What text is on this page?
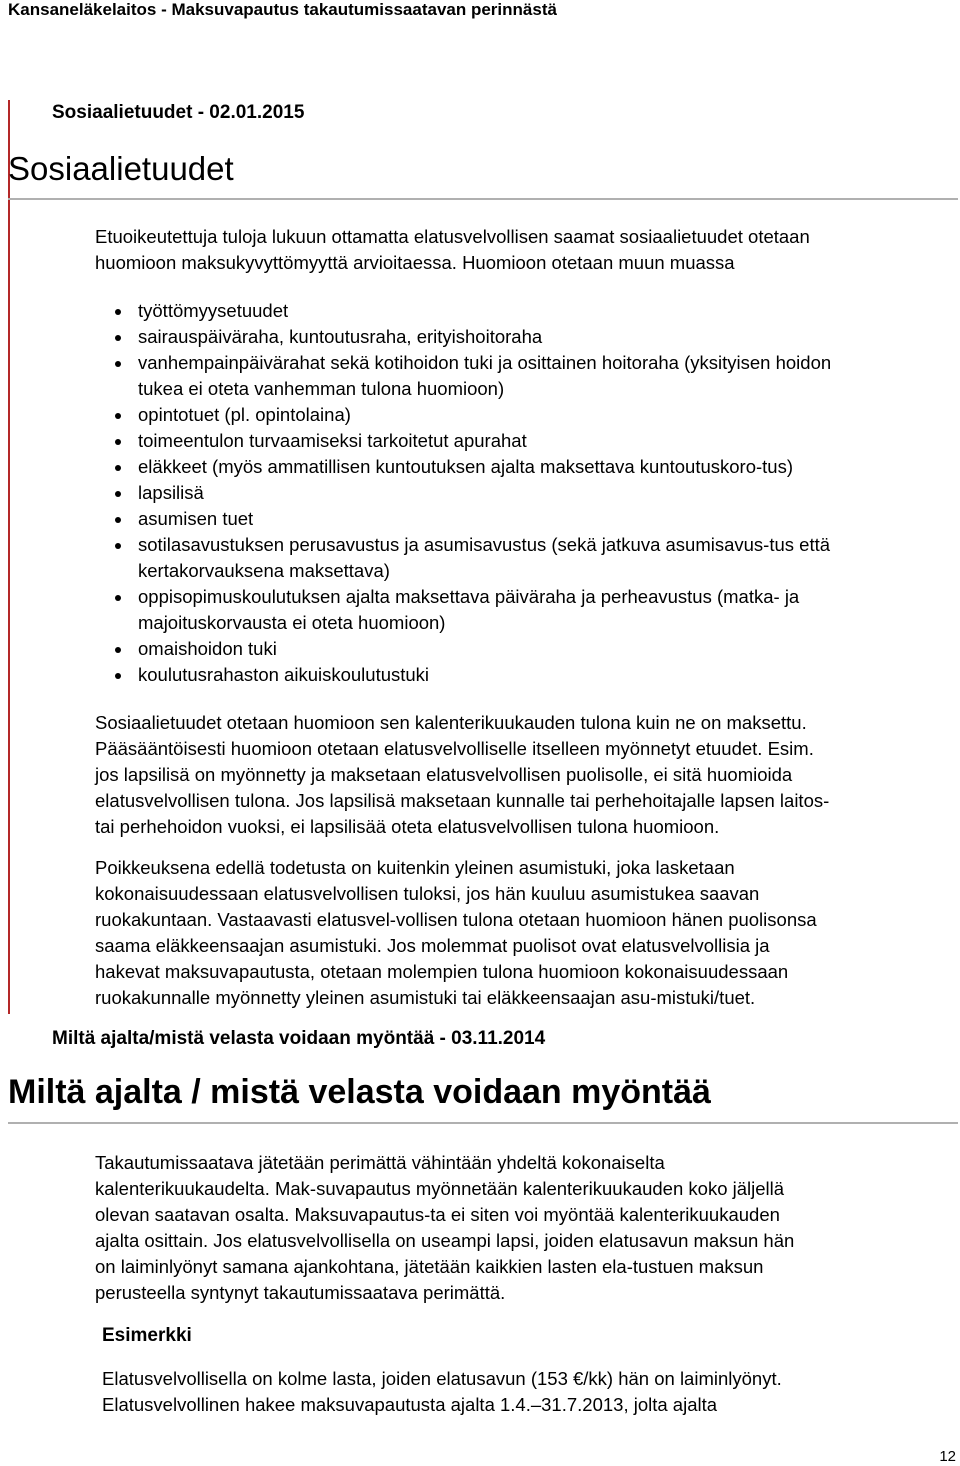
Kansaneläkelaitos - Maksuvapautus takautumissaatavan perinnästä
Sosiaalietuudet - 02.01.2015
Sosiaalietuudet
Etuoikeutettuja tuloja lukuun ottamatta elatusvelvollisen saamat sosiaalietuudet otetaan
huomioon maksukyvyttömyyttä arvioitaessa. Huomioon otetaan muun muassa
työttömyysetuudet
sairauspäiväraha, kuntoutusraha, erityishoitoraha
vanhempainpäivärahat sekä kotihoidon tuki ja osittainen hoitoraha (yksityisen hoidon
tukea ei oteta vanhemman tulona huomioon)
opintotuet (pl. opintolaina)
toimeentulon turvaamiseksi tarkoitetut apurahat
eläkkeet (myös ammatillisen kuntoutuksen ajalta maksettava kuntoutuskoro-tus)
lapsilisä
asumisen tuet
sotilasavustuksen perusavustus ja asumisavustus (sekä jatkuva asumisavus-tus että
kertakorvauksena maksettava)
oppisopimuskoulutuksen ajalta maksettava päiväraha ja perheavustus (matka- ja
majoituskorvausta ei oteta huomioon)
omaishoidon tuki
koulutusrahaston aikuiskoulutustuki
Sosiaalietuudet otetaan huomioon sen kalenterikuukauden tulona kuin ne on maksettu.
Pääsääntöisesti huomioon otetaan elatusvelvolliselle itselleen myönnetyt etuudet. Esim.
jos lapsilisä on myönnetty ja maksetaan elatusvelvollisen puolisolle, ei sitä huomioida
elatusvelvollisen tulona. Jos lapsilisä maksetaan kunnalle tai perhehoitajalle lapsen laitos-
tai perhehoidon vuoksi, ei lapsilisää oteta elatusvelvollisen tulona huomioon.
Poikkeuksena edellä todetusta on kuitenkin yleinen asumistuki, joka lasketaan
kokonaisuudessaan elatusvelvollisen tuloksi, jos hän kuuluu asumistukea saavan
ruokakuntaan. Vastaavasti elatusvel-vollisen tulona otetaan huomioon hänen puolisonsa
saama eläkkeensaajan asumistuki. Jos molemmat puolisot ovat elatusvelvollisia ja
hakevat maksuvapautusta, otetaan molempien tulona huomioon kokonaisuudessaan
ruokakunnalle myönnetty yleinen asumistuki tai eläkkeensaajan asu-mistuki/tuet.
Miltä ajalta/mistä velasta voidaan myöntää - 03.11.2014
Miltä ajalta / mistä velasta voidaan myöntää
Takautumissaatava jätetään perimättä vähintään yhdeltä kokonaiselta
kalenterikuukaudelta. Mak-suvapautus myönnetään kalenterikuukauden koko jäljellä
olevan saatavan osalta. Maksuvapautus-ta ei siten voi myöntää kalenterikuukauden
ajalta osittain. Jos elatusvelvollisella on useampi lapsi, joiden elatusavun maksun hän
on laiminlyönyt samana ajankohtana, jätetään kaikkien lasten ela-tustuen maksun
perusteella syntynyt takautumissaatava perimättä.
Esimerkki
Elatusvelvollisella on kolme lasta, joiden elatusavun (153 €/kk) hän on laiminlyönyt.
Elatusvelvollinen hakee maksuvapautusta ajalta 1.4.–31.7.2013, jolta ajalta
12
